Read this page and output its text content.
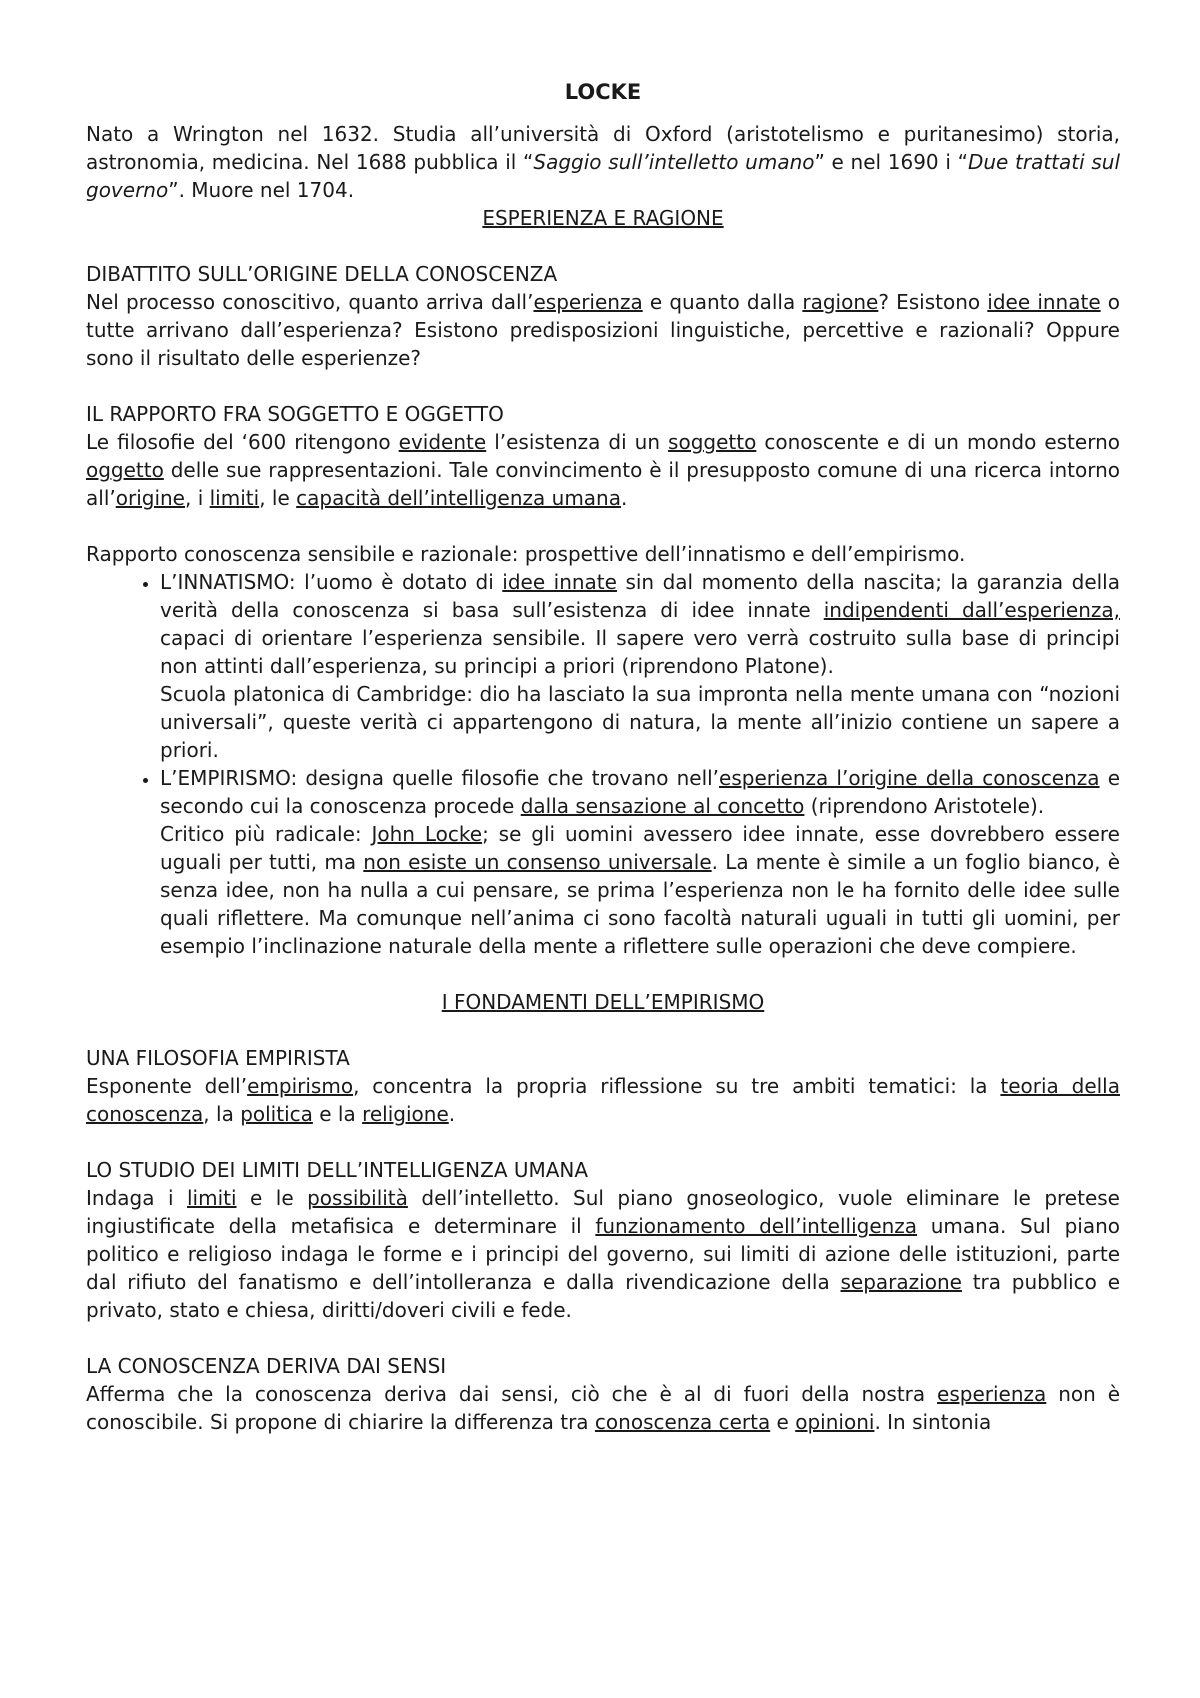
LOCKE

Nato a Wrington nel 1632. Studia all’università di Oxford (aristotelismo e puritanesimo) storia, astronomia, medicina. Nel 1688 pubblica il “Saggio sull’intelletto umano” e nel 1690 i “Due trattati sul governo”. Muore nel 1704.

ESPERIENZA E RAGIONE

DIBATTITO SULL’ORIGINE DELLA CONOSCENZA

Nel processo conoscitivo, quanto arriva dall’esperienza e quanto dalla ragione? Esistono idee innate o tutte arrivano dall’esperienza? Esistono predisposizioni linguistiche, percettive e razionali? Oppure sono il risultato delle esperienze?

IL RAPPORTO FRA SOGGETTO E OGGETTO

Le filosofie del ‘600 ritengono evidente l’esistenza di un soggetto conoscente e di un mondo esterno oggetto delle sue rappresentazioni. Tale convincimento è il presupposto comune di una ricerca intorno all’origine, i limiti, le capacità dell’intelligenza umana.

Rapporto conoscenza sensibile e razionale: prospettive dell’innatismo e dell’empirismo.

• L’INNATISMO: l’uomo è dotato di idee innate sin dal momento della nascita; la garanzia della verità della conoscenza si basa sull’esistenza di idee innate indipendenti dall’esperienza, capaci di orientare l’esperienza sensibile. Il sapere vero verrà costruito sulla base di principi non attinti dall’esperienza, su principi a priori (riprendono Platone).
Scuola platonica di Cambridge: dio ha lasciato la sua impronta nella mente umana con “nozioni universali”, queste verità ci appartengono di natura, la mente all’inizio contiene un sapere a priori.
• L’EMPIRISMO: designa quelle filosofie che trovano nell’esperienza l’origine della conoscenza e secondo cui la conoscenza procede dalla sensazione al concetto (riprendono Aristotele).
Critico più radicale: John Locke; se gli uomini avessero idee innate, esse dovrebbero essere uguali per tutti, ma non esiste un consenso universale. La mente è simile a un foglio bianco, è senza idee, non ha nulla a cui pensare, se prima l’esperienza non le ha fornito delle idee sulle quali riflettere. Ma comunque nell’anima ci sono facoltà naturali uguali in tutti gli uomini, per esempio l’inclinazione naturale della mente a riflettere sulle operazioni che deve compiere.

I FONDAMENTI DELL’EMPIRISMO

UNA FILOSOFIA EMPIRISTA

Esponente dell’empirismo, concentra la propria riflessione su tre ambiti tematici: la teoria della conoscenza, la politica e la religione.

LO STUDIO DEI LIMITI DELL’INTELLIGENZA UMANA

Indaga i limiti e le possibilità dell’intelletto. Sul piano gnoseologico, vuole eliminare le pretese ingiustificate della metafisica e determinare il funzionamento dell’intelligenza umana. Sul piano politico e religioso indaga le forme e i principi del governo, sui limiti di azione delle istituzioni, parte dal rifiuto del fanatismo e dell’intolleranza e dalla rivendicazione della separazione tra pubblico e privato, stato e chiesa, diritti/doveri civili e fede.

LA CONOSCENZA DERIVA DAI SENSI

Afferma che la conoscenza deriva dai sensi, ciò che è al di fuori della nostra esperienza non è conoscibile. Si propone di chiarire la differenza tra conoscenza certa e opinioni. In sintonia
